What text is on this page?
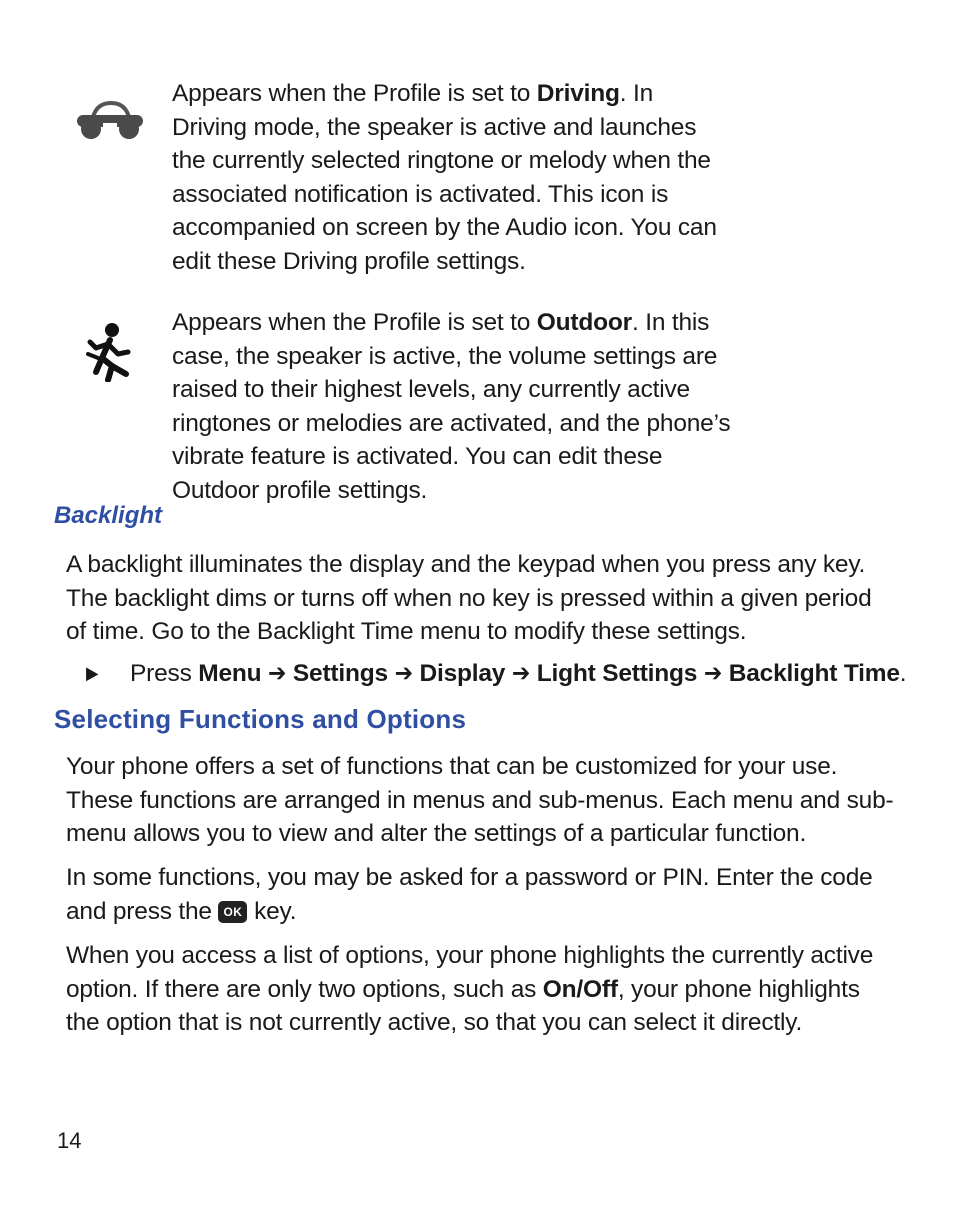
Appears when the Profile is set to Driving. In Driving mode, the speaker is active and launches the currently selected ringtone or melody when the associated notification is activated. This icon is accompanied on screen by the Audio icon. You can edit these Driving profile settings.
Appears when the Profile is set to Outdoor. In this case, the speaker is active, the volume settings are raised to their highest levels, any currently active ringtones or melodies are activated, and the phone’s vibrate feature is activated. You can edit these Outdoor profile settings.
Backlight

A backlight illuminates the display and the keypad when you press any key. The backlight dims or turns off when no key is pressed within a given period of time. Go to the Backlight Time menu to modify these settings.

▶ Press Menu ➔ Settings ➔ Display ➔ Light Settings ➔ Backlight Time.
Selecting Functions and Options

Your phone offers a set of functions that can be customized for your use. These functions are arranged in menus and sub-menus. Each menu and sub-menu allows you to view and alter the settings of a particular function.

In some functions, you may be asked for a password or PIN. Enter the code and press the OK key.

When you access a list of options, your phone highlights the currently active option. If there are only two options, such as On/Off, your phone highlights the option that is not currently active, so that you can select it directly.

14
